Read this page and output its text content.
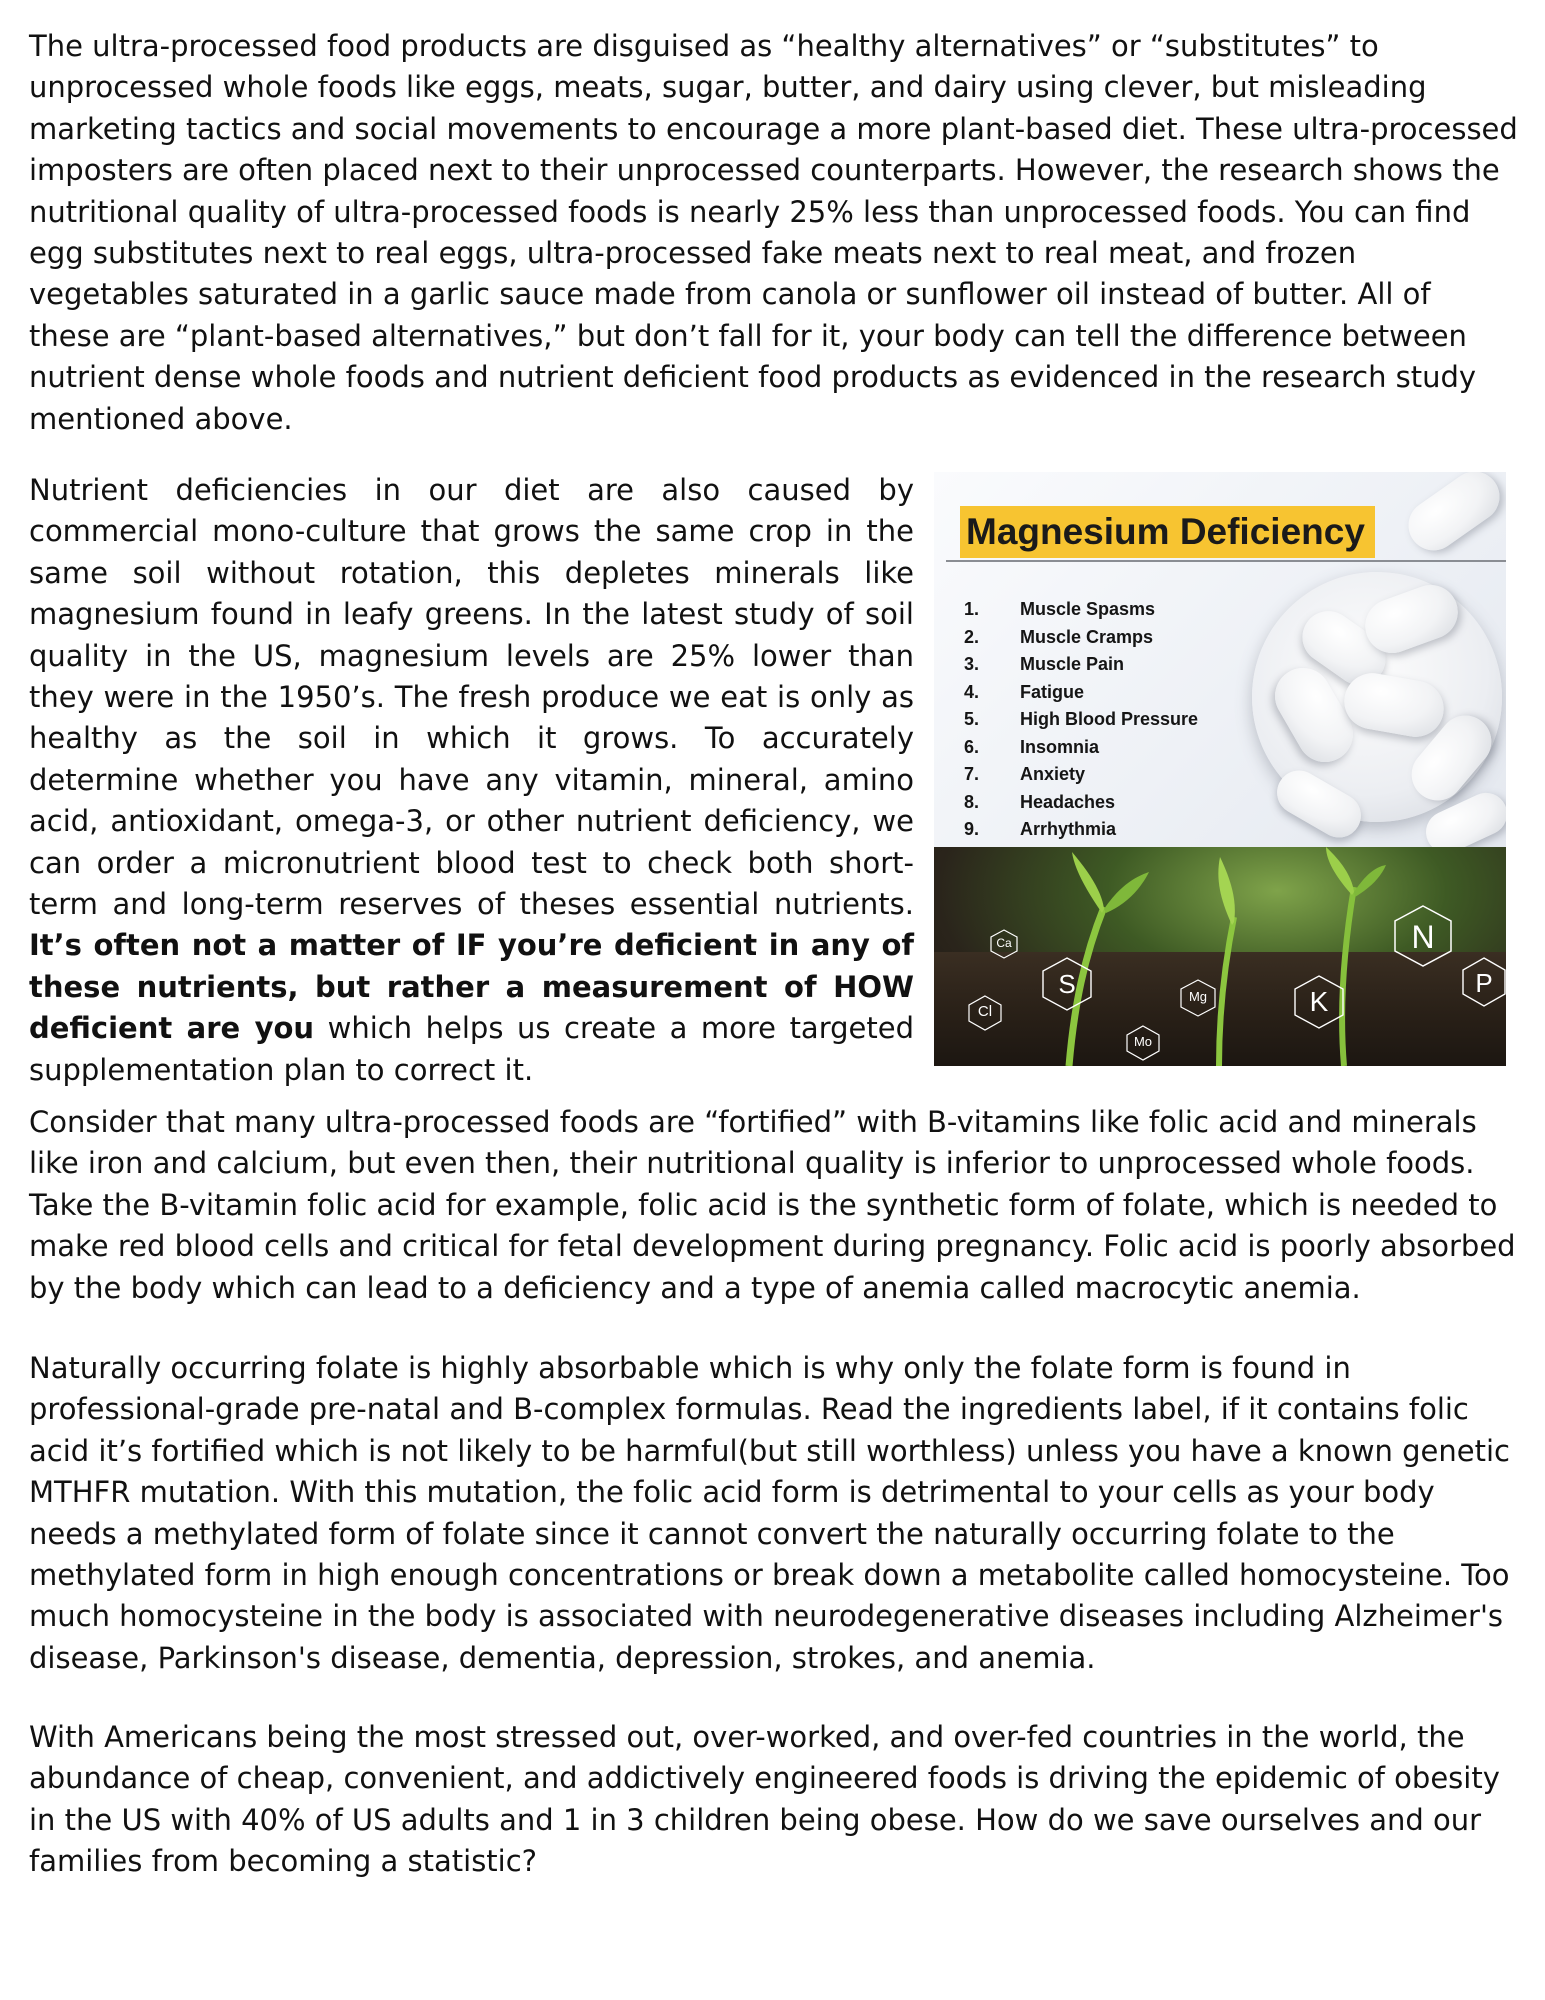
The ultra-processed food products are disguised as “healthy alternatives” or “substitutes” to unprocessed whole foods like eggs, meats, sugar, butter, and dairy using clever, but misleading marketing tactics and social movements to encourage a more plant-based diet. These ultra-processed imposters are often placed next to their unprocessed counterparts. However, the research shows the nutritional quality of ultra-processed foods is nearly 25% less than unprocessed foods. You can find egg substitutes next to real eggs, ultra-processed fake meats next to real meat, and frozen vegetables saturated in a garlic sauce made from canola or sunflower oil instead of butter. All of these are “plant-based alternatives,” but don’t fall for it, your body can tell the difference between nutrient dense whole foods and nutrient deficient food products as evidenced in the research study mentioned above.

Nutrient deficiencies in our diet are also caused by commercial mono-culture that grows the same crop in the same soil without rotation, this depletes minerals like magnesium found in leafy greens. In the latest study of soil quality in the US, magnesium levels are 25% lower than they were in the 1950’s. The fresh produce we eat is only as healthy as the soil in which it grows. To accurately determine whether you have any vitamin, mineral, amino acid, antioxidant, omega-3, or other nutrient deficiency, we can order a micronutrient blood test to check both short-term and long-term reserves of theses essential nutrients. It’s often not a matter of IF you’re deficient in any of these nutrients, but rather a measurement of HOW deficient are you which helps us create a more targeted supplementation plan to correct it.

Magnesium Deficiency
1. Muscle Spasms
2. Muscle Cramps
3. Muscle Pain
4. Fatigue
5. High Blood Pressure
6. Insomnia
7. Anxiety
8. Headaches
9. Arrhythmia
Ca
Cl
S
Mo
Mg
N
K
P

Consider that many ultra-processed foods are “fortified” with B-vitamins like folic acid and minerals like iron and calcium, but even then, their nutritional quality is inferior to unprocessed whole foods. Take the B-vitamin folic acid for example, folic acid is the synthetic form of folate, which is needed to make red blood cells and critical for fetal development during pregnancy. Folic acid is poorly absorbed by the body which can lead to a deficiency and a type of anemia called macrocytic anemia.

Naturally occurring folate is highly absorbable which is why only the folate form is found in professional-grade pre-natal and B-complex formulas. Read the ingredients label, if it contains folic acid it’s fortified which is not likely to be harmful(but still worthless) unless you have a known genetic MTHFR mutation. With this mutation, the folic acid form is detrimental to your cells as your body needs a methylated form of folate since it cannot convert the naturally occurring folate to the methylated form in high enough concentrations or break down a metabolite called homocysteine. Too much homocysteine in the body is associated with neurodegenerative diseases including Alzheimer's disease, Parkinson's disease, dementia, depression, strokes, and anemia.

With Americans being the most stressed out, over-worked, and over-fed countries in the world, the abundance of cheap, convenient, and addictively engineered foods is driving the epidemic of obesity in the US with 40% of US adults and 1 in 3 children being obese. How do we save ourselves and our families from becoming a statistic?
